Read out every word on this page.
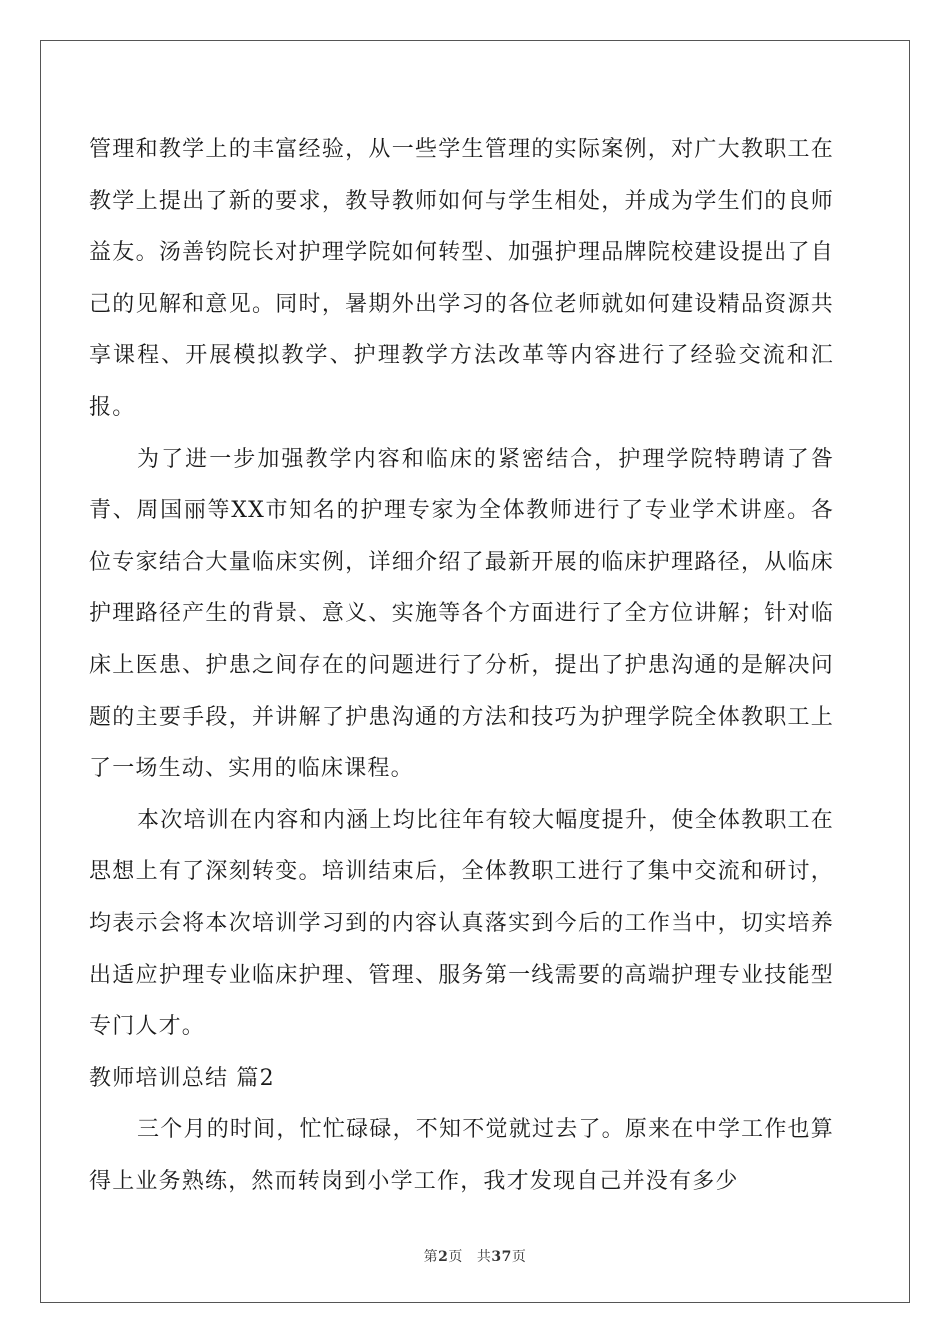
管理和教学上的丰富经验，从一些学生管理的实际案例，对广大教职工在教学上提出了新的要求，教导教师如何与学生相处，并成为学生们的良师益友。汤善钧院长对护理学院如何转型、加强护理品牌院校建设提出了自己的见解和意见。同时，暑期外出学习的各位老师就如何建设精品资源共享课程、开展模拟教学、护理教学方法改革等内容进行了经验交流和汇报。

为了进一步加强教学内容和临床的紧密结合，护理学院特聘请了昝青、周国丽等XX市知名的护理专家为全体教师进行了专业学术讲座。各位专家结合大量临床实例，详细介绍了最新开展的临床护理路径，从临床护理路径产生的背景、意义、实施等各个方面进行了全方位讲解；针对临床上医患、护患之间存在的问题进行了分析，提出了护患沟通的是解决问题的主要手段，并讲解了护患沟通的方法和技巧为护理学院全体教职工上了一场生动、实用的临床课程。

本次培训在内容和内涵上均比往年有较大幅度提升，使全体教职工在思想上有了深刻转变。培训结束后，全体教职工进行了集中交流和研讨，均表示会将本次培训学习到的内容认真落实到今后的工作当中，切实培养出适应护理专业临床护理、管理、服务第一线需要的高端护理专业技能型专门人才。

教师培训总结 篇2

三个月的时间，忙忙碌碌，不知不觉就过去了。原来在中学工作也算得上业务熟练，然而转岗到小学工作，我才发现自己并没有多少

第2页 共37页
